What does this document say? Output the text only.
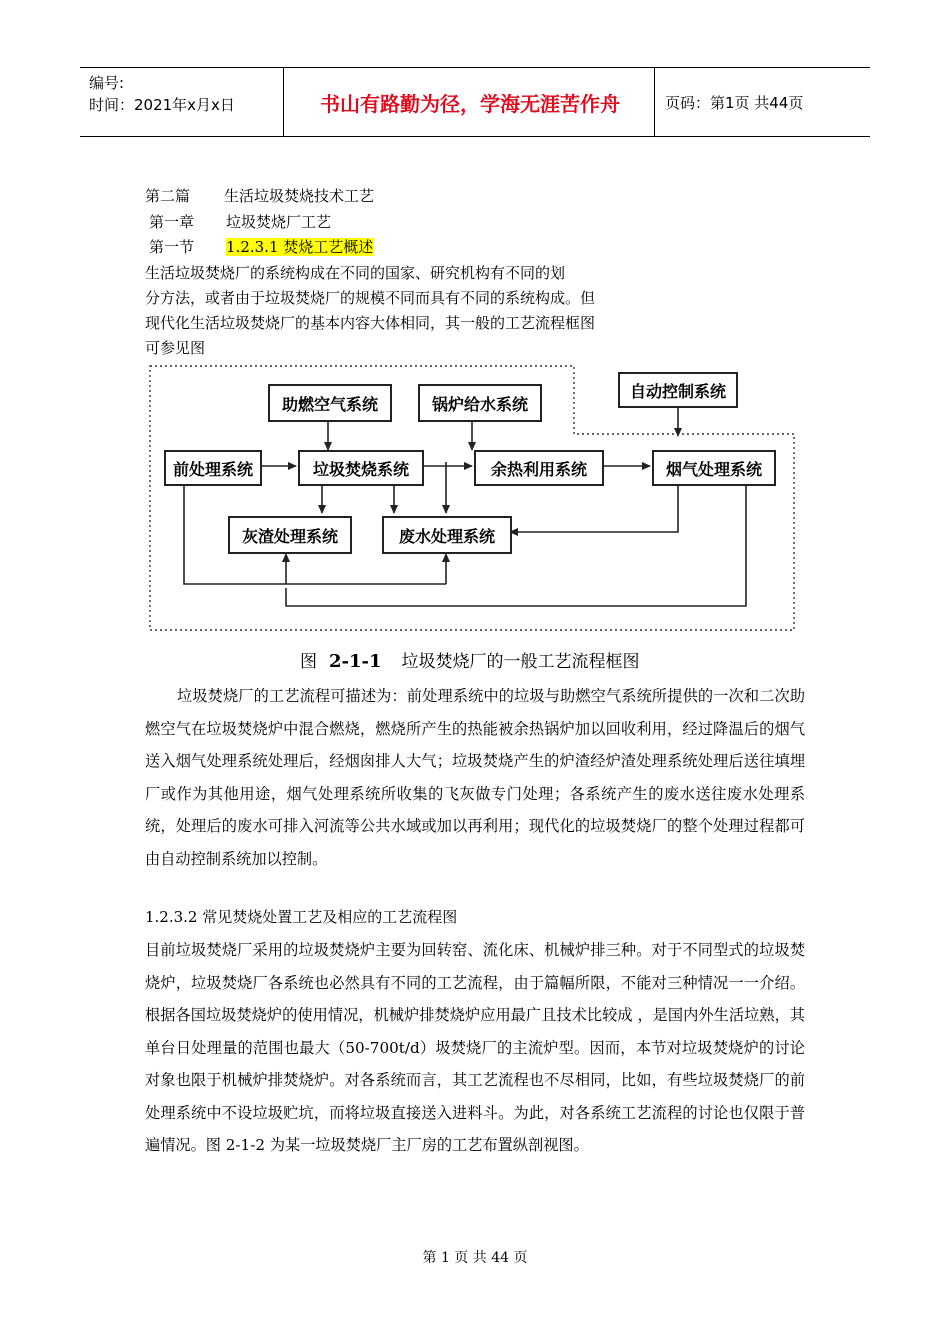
编号:
时间：2021年x月x日	书山有路勤为径，学海无涯苦作舟	页码：第1页 共44页
第二篇 生活垃圾焚烧技术工艺
第一章 垃圾焚烧厂工艺
第一节 1.2.3.1 焚烧工艺概述
生活垃圾焚烧厂的系统构成在不同的国家、研究机构有不同的划
分方法，或者由于垃圾焚烧厂的规模不同而具有不同的系统构成。但
现代化生活垃圾焚烧厂的基本内容大体相同，其一般的工艺流程框图
可参见图
助燃空气系统	锅炉给水系统
自动控制系统
前处理系统	垃圾焚烧系统	余热利用系统	烟气处理系统
灰渣处理系统	废水处理系统
图 2-1-1 垃圾焚烧厂的一般工艺流程框图
垃圾焚烧厂的工艺流程可描述为：前处理系统中的垃圾与助燃空气系统所提供的一次和二次助燃空气在垃圾焚烧炉中混合燃烧，燃烧所产生的热能被余热锅炉加以回收利用，经过降温后的烟气送入烟气处理系统处理后，经烟囱排人大气；垃圾焚烧产生的炉渣经炉渣处理系统处理后送往填埋厂或作为其他用途，烟气处理系统所收集的飞灰做专门处理；各系统产生的废水送往废水处理系统，处理后的废水可排入河流等公共水域或加以再利用；现代化的垃圾焚烧厂的整个处理过程都可由自动控制系统加以控制。
1.2.3.2 常见焚烧处置工艺及相应的工艺流程图
目前垃圾焚烧厂采用的垃圾焚烧炉主要为回转窑、流化床、机械炉排三种。对于不同型式的垃圾焚烧炉，垃圾焚烧厂各系统也必然具有不同的工艺流程，由于篇幅所限，不能对三种情况一一介绍。根据各国垃圾焚烧炉的使用情况，机械炉排焚烧炉应用最广且技术比较成 ，是国内外生活垃熟，其单台日处理量的范围也最大（50-700t/d）圾焚烧厂的主流炉型。因而，本节对垃圾焚烧炉的讨论对象也限于机械炉排焚烧炉。对各系统而言，其工艺流程也不尽相同，比如，有些垃圾焚烧厂的前处理系统中不设垃圾贮坑，而将垃圾直接送入进料斗。为此，对各系统工艺流程的讨论也仅限于普遍情况。图 2-1-2 为某一垃圾焚烧厂主厂房的工艺布置纵剖视图。
第 1 页 共 44 页
